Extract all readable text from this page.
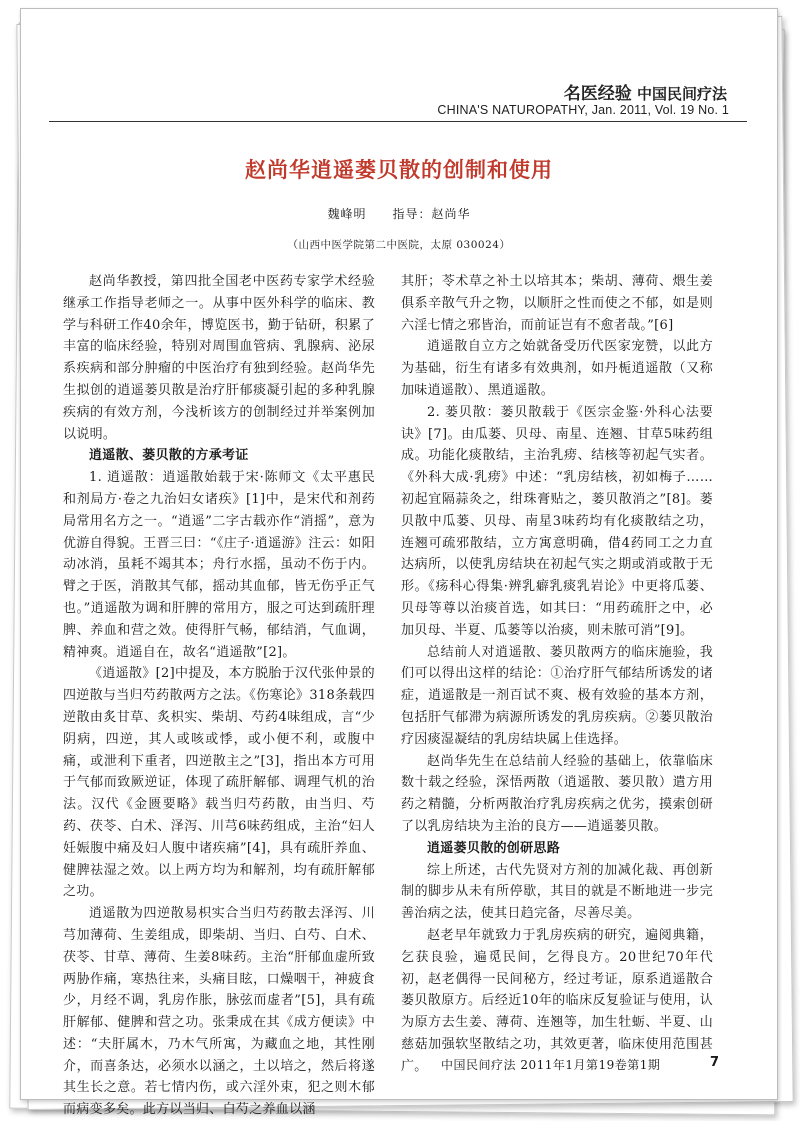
名医经验 中国民间疗法
CHINA'S NATUROPATHY, Jan. 2011, Vol. 19 No. 1
赵尚华逍遥蒌贝散的创制和使用
魏峰明　　指导：赵尚华
（山西中医学院第二中医院，太原 030024）

赵尚华教授，第四批全国老中医药专家学术经验继承工作指导老师之一。从事中医外科学的临床、教学与科研工作40余年，博览医书，勤于钻研，积累了丰富的临床经验，特别对周围血管病、乳腺病、泌尿系疾病和部分肿瘤的中医治疗有独到经验。赵尚华先生拟创的逍遥蒌贝散是治疗肝郁痰凝引起的多种乳腺疾病的有效方剂，今浅析该方的创制经过并举案例加以说明。

逍遥散、蒌贝散的方承考证

1. 逍遥散：逍遥散始载于宋·陈师文《太平惠民和剂局方·卷之九治妇女诸疾》[1]中，是宋代和剂药局常用名方之一。“逍遥”二字古载亦作“消摇”，意为优游自得貌。王晋三曰：“《庄子·逍遥游》注云：如阳动冰消，虽耗不竭其本；舟行水摇，虽动不伤于内。臂之于医，消散其气郁，摇动其血郁，皆无伤乎正气也。”逍遥散为调和肝脾的常用方，服之可达到疏肝理脾、养血和营之效。使得肝气畅，郁结消，气血调，精神爽。逍遥自在，故名“逍遥散”[2]。

《逍遥散》[2]中提及，本方脱胎于汉代张仲景的四逆散与当归芍药散两方之法。《伤寒论》318条载四逆散由炙甘草、炙枳实、柴胡、芍药4味组成，言“少阴病，四逆，其人或咳或悸，或小便不利，或腹中痛，或泄利下重者，四逆散主之”[3]，指出本方可用于气郁而致厥逆证，体现了疏肝解郁、调理气机的治法。汉代《金匮要略》载当归芍药散，由当归、芍药、茯苓、白术、泽泻、川芎6味药组成，主治“妇人妊娠腹中痛及妇人腹中诸疾痛”[4]，具有疏肝养血、健脾祛湿之效。以上两方均为和解剂，均有疏肝解郁之功。

逍遥散为四逆散易枳实合当归芍药散去泽泻、川芎加薄荷、生姜组成，即柴胡、当归、白芍、白术、茯苓、甘草、薄荷、生姜8味药。主治“肝郁血虚所致两胁作痛，寒热往来，头痛目眩，口燥咽干，神疲食少，月经不调，乳房作胀，脉弦而虚者”[5]，具有疏肝解郁、健脾和营之功。张秉成在其《成方便读》中述：“夫肝属木，乃木气所寓，为藏血之地，其性刚介，而喜条达，必须水以涵之，土以培之，然后将遂其生长之意。若七情内伤，或六淫外束，犯之则木郁而病变多矣。此方以当归、白芍之养血以涵

其肝；苓术草之补土以培其本；柴胡、薄荷、煨生姜俱系辛散气升之物，以顺肝之性而使之不郁，如是则六淫七情之邪皆治，而前证岂有不愈者哉。”[6]

逍遥散自立方之始就备受历代医家宠赞，以此方为基础，衍生有诸多有效典剂，如丹栀逍遥散（又称加味逍遥散）、黑逍遥散。

2. 蒌贝散：蒌贝散载于《医宗金鉴·外科心法要诀》[7]。由瓜蒌、贝母、南星、连翘、甘草5味药组成。功能化痰散结，主治乳痨、结核等初起气实者。《外科大成·乳痨》中述：“乳房结核，初如梅子……初起宜隔蒜灸之，绀珠膏贴之，蒌贝散消之”[8]。蒌贝散中瓜蒌、贝母、南星3味药均有化痰散结之功，连翘可疏邪散结，立方寓意明确，借4药同工之力直达病所，以使乳房结块在初起气实之期或消或散于无形。《疡科心得集·辨乳癖乳痰乳岩论》中更将瓜蒌、贝母等尊以治痰首选，如其曰：“用药疏肝之中，必加贝母、半夏、瓜蒌等以治痰，则未脓可消”[9]。

总结前人对逍遥散、蒌贝散两方的临床施验，我们可以得出这样的结论：①治疗肝气郁结所诱发的诸症，逍遥散是一剂百试不爽、极有效验的基本方剂，包括肝气郁滞为病源所诱发的乳房疾病。②蒌贝散治疗因痰湿凝结的乳房结块属上佳选择。

赵尚华先生在总结前人经验的基础上，依靠临床数十载之经验，深悟两散（逍遥散、蒌贝散）遣方用药之精髓，分析两散治疗乳房疾病之优劣，摸索创研了以乳房结块为主治的良方——逍遥蒌贝散。

逍遥蒌贝散的创研思路

综上所述，古代先贤对方剂的加减化裁、再创新制的脚步从未有所停歇，其目的就是不断地进一步完善治病之法，使其日趋完备，尽善尽美。

赵老早年就致力于乳房疾病的研究，遍阅典籍，乞获良验，遍觅民间，乞得良方。20世纪70年代初，赵老偶得一民间秘方，经过考证，原系逍遥散合蒌贝散原方。后经近10年的临床反复验证与使用，认为原方去生姜、薄荷、连翘等，加生牡蛎、半夏、山慈菇加强软坚散结之功，其效更著，临床使用范围甚广。	中国民间疗法 2011年1月第19卷第1期	7
